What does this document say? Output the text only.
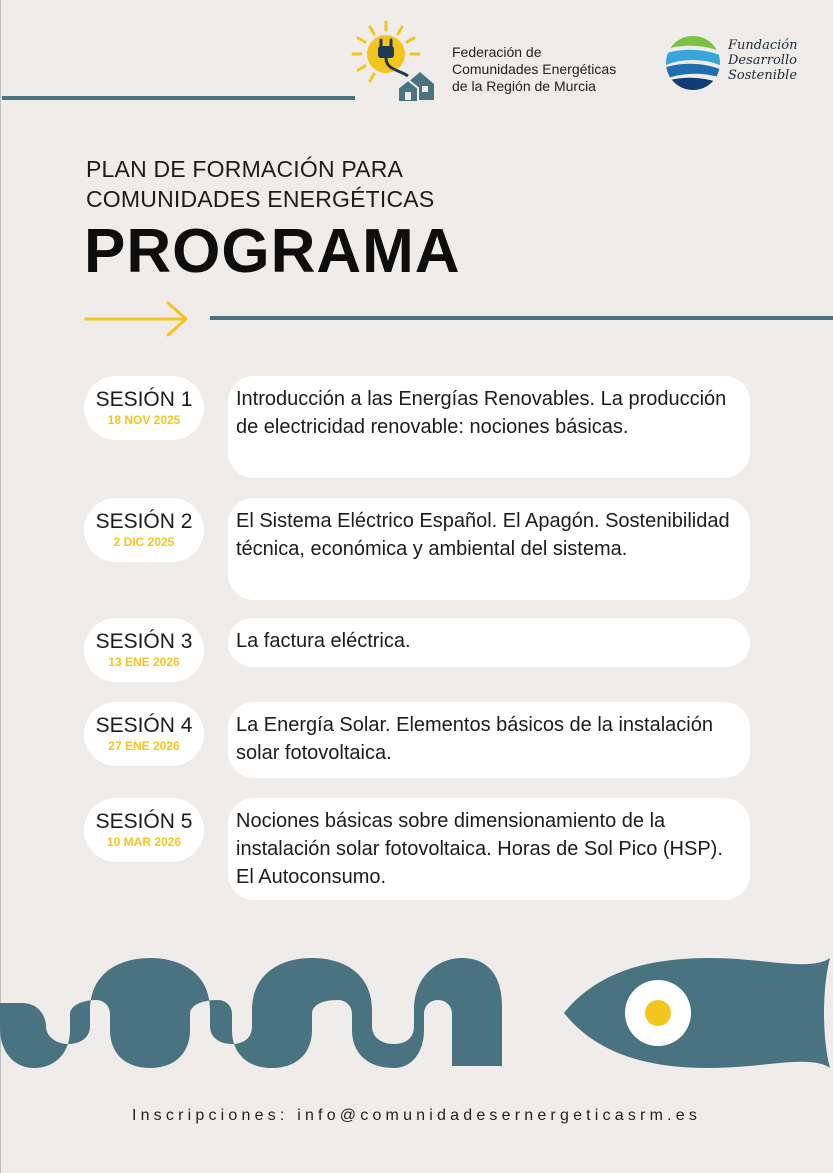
Federación de
Comunidades Energéticas
de la Región de Murcia
Fundación
Desarrollo
Sostenible
PLAN DE FORMACIÓN PARA
COMUNIDADES ENERGÉTICAS
PROGRAMA
SESIÓN 1
18 NOV 2025
Introducción a las Energías Renovables. La producción de electricidad renovable: nociones básicas.
SESIÓN 2
2 DIC 2025
El Sistema Eléctrico Español. El Apagón. Sostenibilidad técnica, económica y ambiental del sistema.
SESIÓN 3
13 ENE 2026
La factura eléctrica.
SESIÓN 4
27 ENE 2026
La Energía Solar. Elementos básicos de la instalación solar fotovoltaica.
SESIÓN 5
10 MAR 2026
Nociones básicas sobre dimensionamiento de la instalación solar fotovoltaica. Horas de Sol Pico (HSP). El Autoconsumo.
Inscripciones: info@comunidadesernergeticasrm.es
